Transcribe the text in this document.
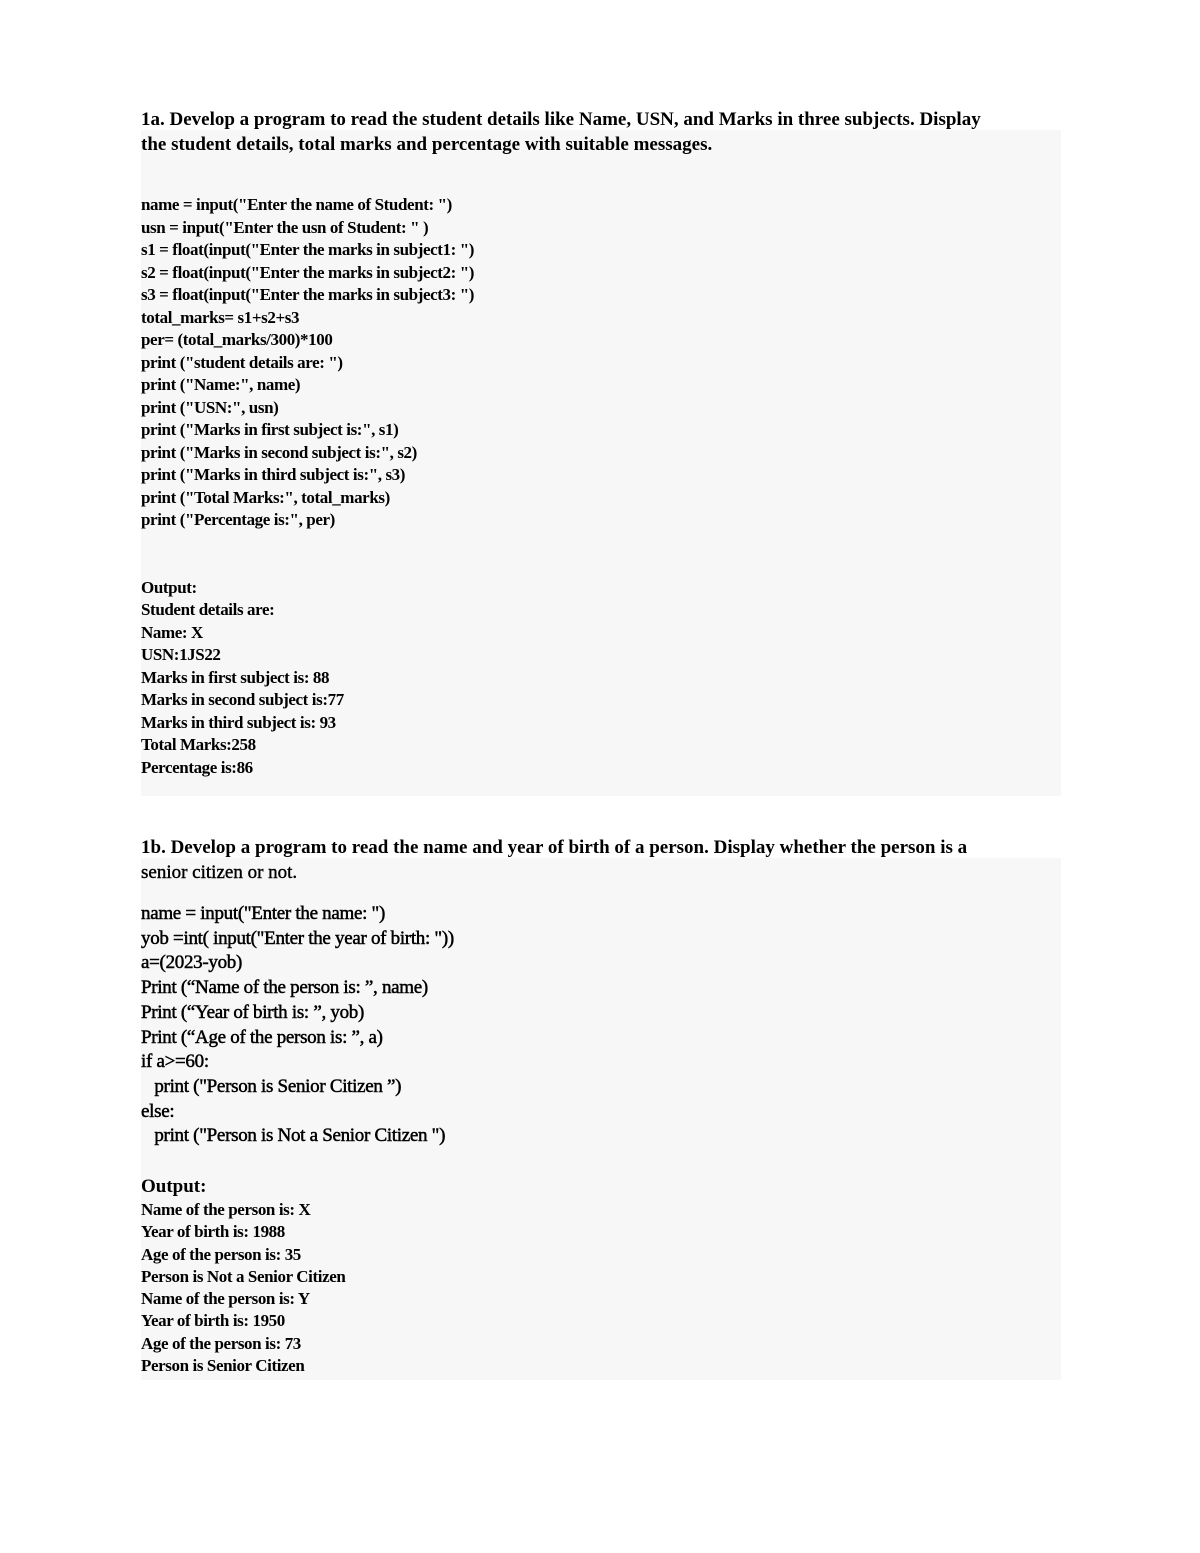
1a. Develop a program to read the student details like Name, USN, and Marks in three subjects. Display
the student details, total marks and percentage with suitable messages.
name = input("Enter the name of Student: ")
usn = input("Enter the usn of Student: " )
s1 = float(input("Enter the marks in subject1: ")
s2 = float(input("Enter the marks in subject2: ")
s3 = float(input("Enter the marks in subject3: ")
total_marks= s1+s2+s3
per= (total_marks/300)*100
print ("student details are: ")
print ("Name:", name)
print ("USN:", usn)
print ("Marks in first subject is:", s1)
print ("Marks in second subject is:", s2)
print ("Marks in third subject is:", s3)
print ("Total Marks:", total_marks)
print ("Percentage is:", per)
Output:
Student details are:
Name: X
USN:1JS22
Marks in first subject is: 88
Marks in second subject is:77
Marks in third subject is: 93
Total Marks:258
Percentage is:86
1b. Develop a program to read the name and year of birth of a person. Display whether the person is a
senior citizen or not.
name = input("Enter the name: ")
yob =int( input("Enter the year of birth: "))
a=(2023-yob)
Print (“Name of the person is: ”, name)
Print (“Year of birth is: ”, yob)
Print (“Age of the person is: ”, a)
if a>=60:
print ("Person is Senior Citizen ”)
else:
print ("Person is Not a Senior Citizen ")
Output:
Name of the person is: X
Year of birth is: 1988
Age of the person is: 35
Person is Not a Senior Citizen
Name of the person is: Y
Year of birth is: 1950
Age of the person is: 73
Person is Senior Citizen
